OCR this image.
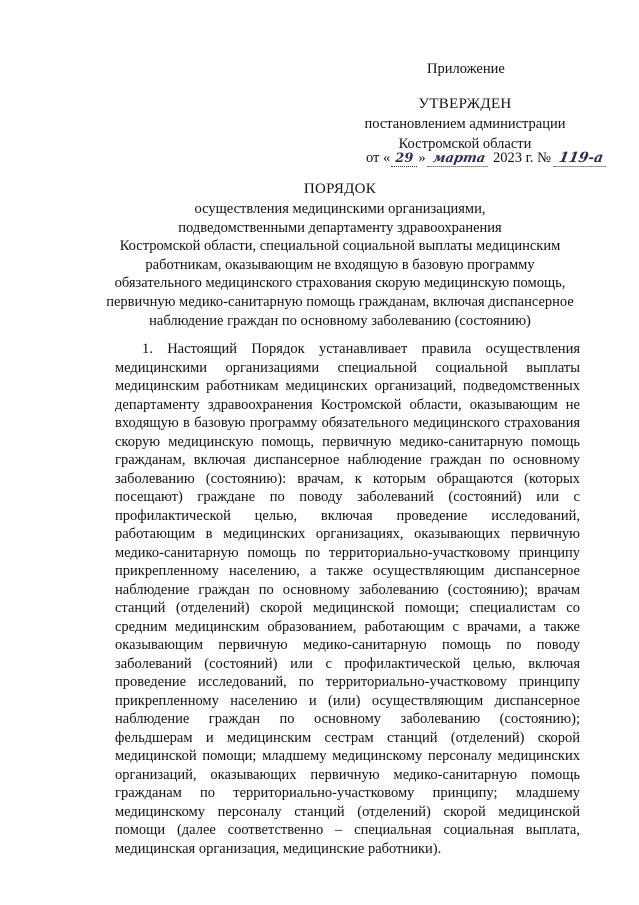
Приложение
УТВЕРЖДЕН
постановлением администрации
Костромской области
от « 29 » марта 2023 г. № 119-а
ПОРЯДОК
осуществления медицинскими организациями,
подведомственными департаменту здравоохранения
Костромской области, специальной социальной выплаты медицинским
работникам, оказывающим не входящую в базовую программу
обязательного медицинского страхования скорую медицинскую помощь,
первичную медико-санитарную помощь гражданам, включая диспансерное
наблюдение граждан по основному заболеванию (состоянию)
1. Настоящий Порядок устанавливает правила осуществления медицинскими организациями специальной социальной выплаты медицинским работникам медицинских организаций, подведомственных департаменту здравоохранения Костромской области, оказывающим не входящую в базовую программу обязательного медицинского страхования скорую медицинскую помощь, первичную медико-санитарную помощь гражданам, включая диспансерное наблюдение граждан по основному заболеванию (состоянию): врачам, к которым обращаются (которых посещают) граждане по поводу заболеваний (состояний) или с профилактической целью, включая проведение исследований, работающим в медицинских организациях, оказывающих первичную медико-санитарную помощь по территориально-участковому принципу прикрепленному населению, а также осуществляющим диспансерное наблюдение граждан по основному заболеванию (состоянию); врачам станций (отделений) скорой медицинской помощи; специалистам со средним медицинским образованием, работающим с врачами, а также оказывающим первичную медико-санитарную помощь по поводу заболеваний (состояний) или с профилактической целью, включая проведение исследований, по территориально-участковому принципу прикрепленному населению и (или) осуществляющим диспансерное наблюдение граждан по основному заболеванию (состоянию); фельдшерам и медицинским сестрам станций (отделений) скорой медицинской помощи; младшему медицинскому персоналу медицинских организаций, оказывающих первичную медико-санитарную помощь гражданам по территориально-участковому принципу; младшему медицинскому персоналу станций (отделений) скорой медицинской помощи (далее соответственно – специальная социальная выплата, медицинская организация, медицинские работники).
